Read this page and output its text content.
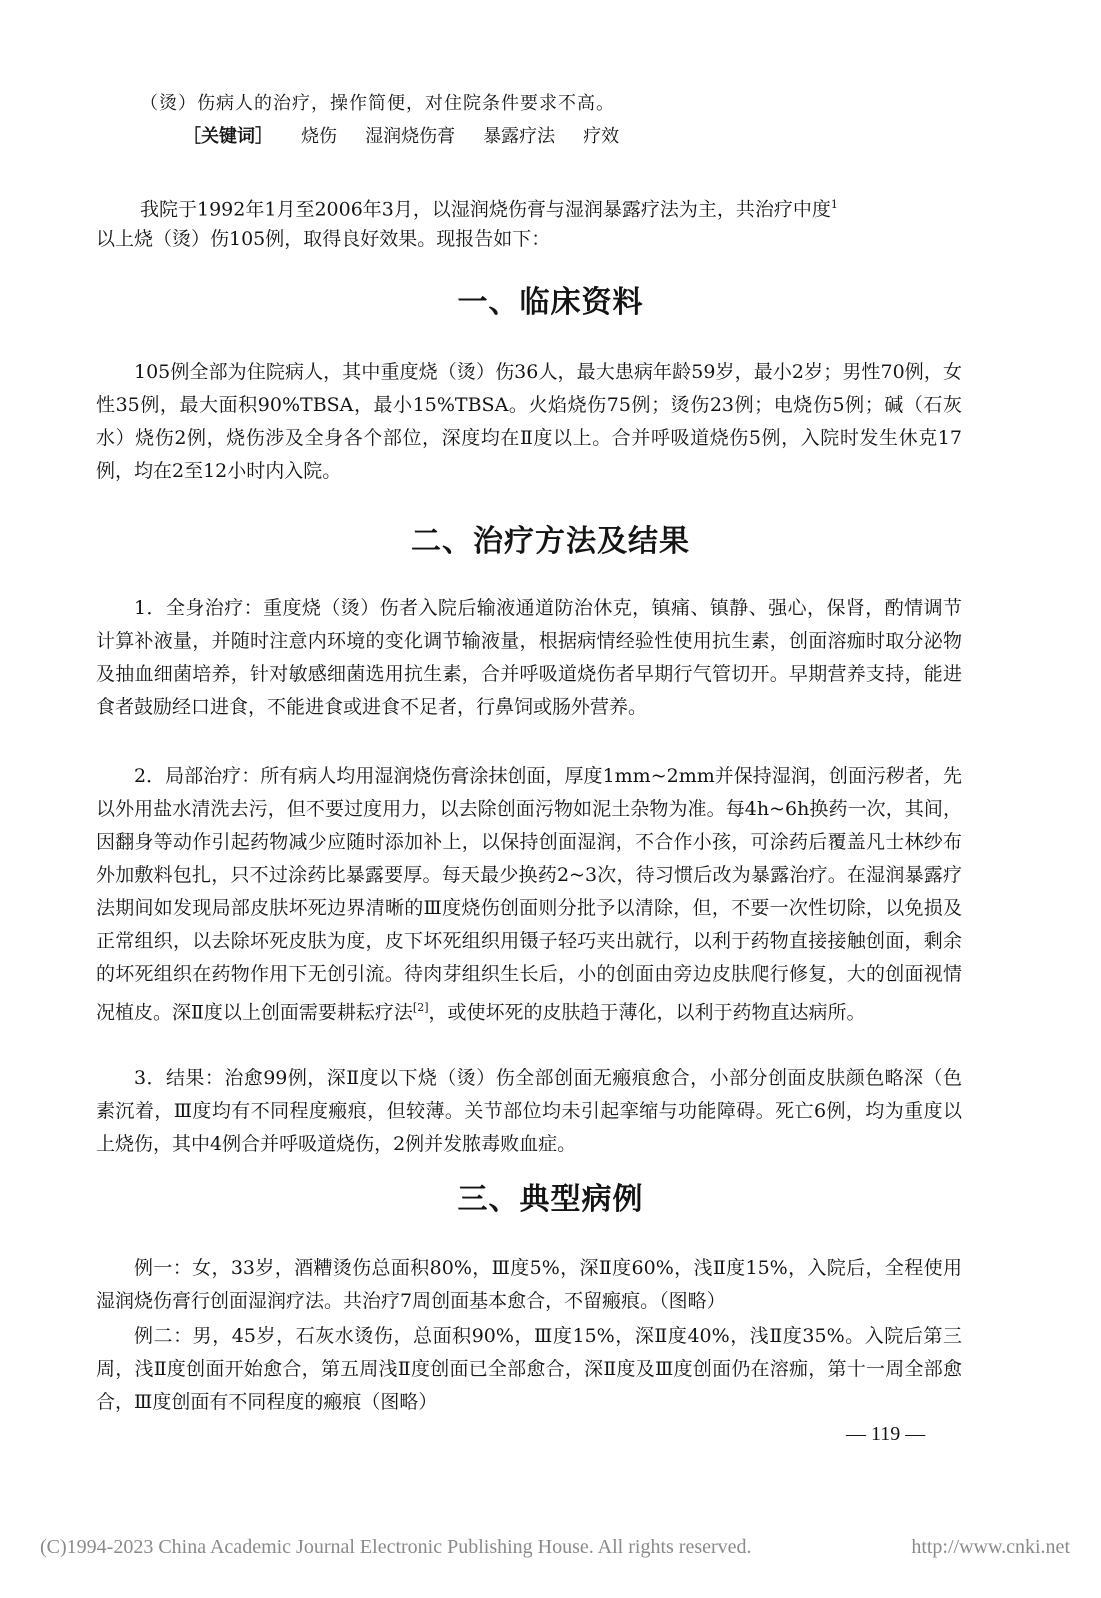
（烫）伤病人的治疗，操作简便，对住院条件要求不高。
［关键词］ 烧伤 湿润烧伤膏 暴露疗法 疗效
我院于1992年1月至2006年3月，以湿润烧伤膏与湿润暴露疗法为主，共治疗中度$^1$
以上烧（烫）伤105例，取得良好效果。现报告如下：
一、临床资料

105例全部为住院病人，其中重度烧（烫）伤36人，最大患病年龄59岁，最小2岁；男性70例，女性35例，最大面积90%TBSA，最小15%TBSA。火焰烧伤75例；烫伤23例；电烧伤5例；碱（石灰水）烧伤2例，烧伤涉及全身各个部位，深度均在Ⅱ度以上。合并呼吸道烧伤5例，入院时发生休克17例，均在2至12小时内入院。

二、治疗方法及结果

1．全身治疗：重度烧（烫）伤者入院后输液通道防治休克，镇痛、镇静、强心，保肾，酌情调节计算补液量，并随时注意内环境的变化调节输液量，根据病情经验性使用抗生素，创面溶痂时取分泌物及抽血细菌培养，针对敏感细菌选用抗生素，合并呼吸道烧伤者早期行气管切开。早期营养支持，能进食者鼓励经口进食，不能进食或进食不足者，行鼻饲或肠外营养。

2．局部治疗：所有病人均用湿润烧伤膏涂抹创面，厚度1mm~2mm并保持湿润，创面污秽者，先以外用盐水清洗去污，但不要过度用力，以去除创面污物如泥土杂物为准。每4h~6h换药一次，其间，因翻身等动作引起药物减少应随时添加补上，以保持创面湿润，不合作小孩，可涂药后覆盖凡士林纱布外加敷料包扎，只不过涂药比暴露要厚。每天最少换药2~3次，待习惯后改为暴露治疗。在湿润暴露疗法期间如发现局部皮肤坏死边界清晰的Ⅲ度烧伤创面则分批予以清除，但，不要一次性切除，以免损及正常组织，以去除坏死皮肤为度，皮下坏死组织用镊子轻巧夹出就行，以利于药物直接接触创面，剩余的坏死组织在药物作用下无创引流。待肉芽组织生长后，小的创面由旁边皮肤爬行修复，大的创面视情况植皮。深Ⅱ度以上创面需要耕耘疗法[2]，或使坏死的皮肤趋于薄化，以利于药物直达病所。

3．结果：治愈99例，深Ⅱ度以下烧（烫）伤全部创面无瘢痕愈合，小部分创面皮肤颜色略深（色素沉着，Ⅲ度均有不同程度瘢痕，但较薄。关节部位均未引起挛缩与功能障碍。死亡6例，均为重度以上烧伤，其中4例合并呼吸道烧伤，2例并发脓毒败血症。

三、典型病例

例一：女，33岁，酒糟烫伤总面积80%，Ⅲ度5%，深Ⅱ度60%，浅Ⅱ度15%，入院后，全程使用湿润烧伤膏行创面湿润疗法。共治疗7周创面基本愈合，不留瘢痕。（图略）

例二：男，45岁，石灰水烫伤，总面积90%，Ⅲ度15%，深Ⅱ度40%，浅Ⅱ度35%。入院后第三周，浅Ⅱ度创面开始愈合，第五周浅Ⅱ度创面已全部愈合，深Ⅱ度及Ⅲ度创面仍在溶痂，第十一周全部愈合，Ⅲ度创面有不同程度的瘢痕（图略）

— 119 —
(C)1994-2023 China Academic Journal Electronic Publishing House. All rights reserved.	http://www.cnki.net
